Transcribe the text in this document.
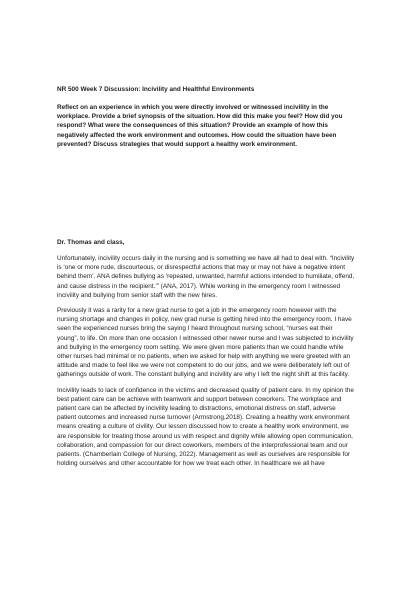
NR 500 Week 7 Discussion: Incivility and Healthful Environments
Reflect on an experience in which you were directly involved or witnessed incivility in the workplace. Provide a brief synopsis of the situation. How did this make you feel? How did you respond? What were the consequences of this situation? Provide an example of how this negatively affected the work environment and outcomes. How could the situation have been prevented? Discuss strategies that would support a healthy work environment.
Dr. Thomas and class,

Unfortunately, incivility occurs daily in the nursing and is something we have all had to deal with. “Incivility is ‘one or more rude, discourteous, or disrespectful actions that may or may not have a negative intent behind them’. ANA defines bullying as ‘repeated, unwanted, harmful actions intended to humiliate, offend, and cause distress in the recipient.’” (ANA, 2017). While working in the emergency room I witnessed incivility and bullying from senior staff with the new hires.

Previously it was a rarity for a new grad nurse to get a job in the emergency room however with the nursing shortage and changes in policy, new grad nurse is getting hired into the emergency room. I have seen the experienced nurses bring the saying I heard throughout nursing school, “nurses eat their young”, to life. On more than one occasion I witnessed other newer nurse and I was subjected to incivility and bullying in the emergency room setting. We were given more patients than we could handle while other nurses had minimal or no patients, when we asked for help with anything we were greeted with an attitude and made to feel like we were not competent to do our jobs, and we were deliberately left out of gatherings outside of work. The constant bullying and incivility are why I left the night shift at this facility.

Incivility leads to lack of confidence in the victims and decreased quality of patient care. In my opinion the best patient care can be achieve with teamwork and support between coworkers. The workplace and patient care can be affected by incivility leading to distractions, emotional distress on staff, adverse patient outcomes and increased nurse turnover (Armstrong,2018). Creating a healthy work environment means creating a culture of civility. Our lesson discussed how to create a healthy work environment, we are responsible for treating those around us with respect and dignity while allowing open communication, collaboration, and compassion for our direct coworkers, members of the interprofessional team and our patients. (Chamberlain College of Nursing, 2022). Management as well as ourselves are responsible for holding ourselves and other accountable for how we treat each other. In healthcare we all have
